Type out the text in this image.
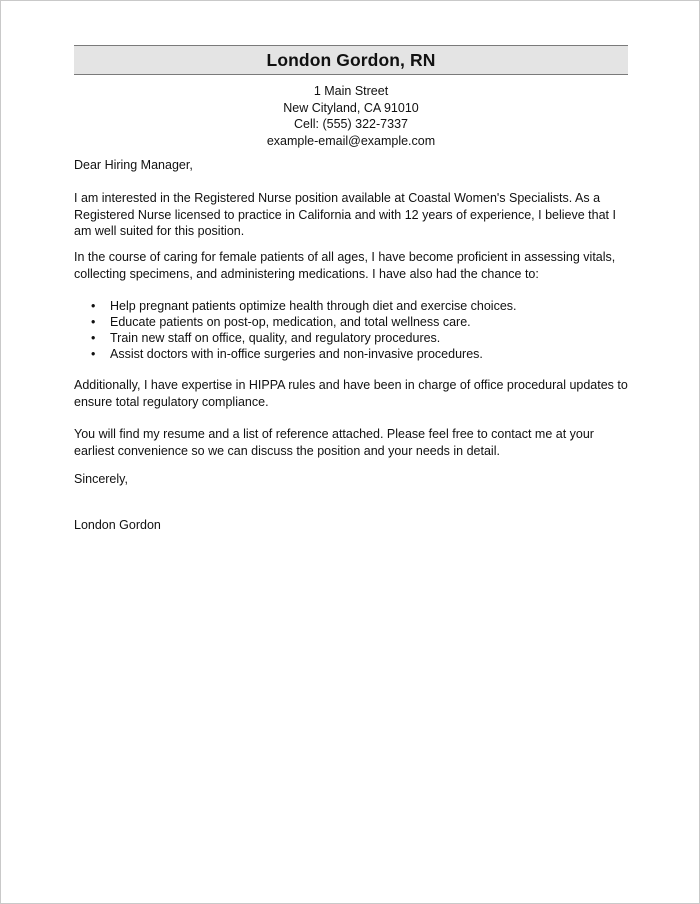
London Gordon, RN
1 Main Street
New Cityland, CA 91010
Cell: (555) 322-7337
example-email@example.com

Dear Hiring Manager,

I am interested in the Registered Nurse position available at Coastal Women's Specialists. As a Registered Nurse licensed to practice in California and with 12 years of experience, I believe that I am well suited for this position.

In the course of caring for female patients of all ages, I have become proficient in assessing vitals, collecting specimens, and administering medications. I have also had the chance to:

• Help pregnant patients optimize health through diet and exercise choices.
• Educate patients on post-op, medication, and total wellness care.
• Train new staff on office, quality, and regulatory procedures.
• Assist doctors with in-office surgeries and non-invasive procedures.

Additionally, I have expertise in HIPPA rules and have been in charge of office procedural updates to ensure total regulatory compliance.

You will find my resume and a list of reference attached. Please feel free to contact me at your earliest convenience so we can discuss the position and your needs in detail.

Sincerely,

London Gordon
